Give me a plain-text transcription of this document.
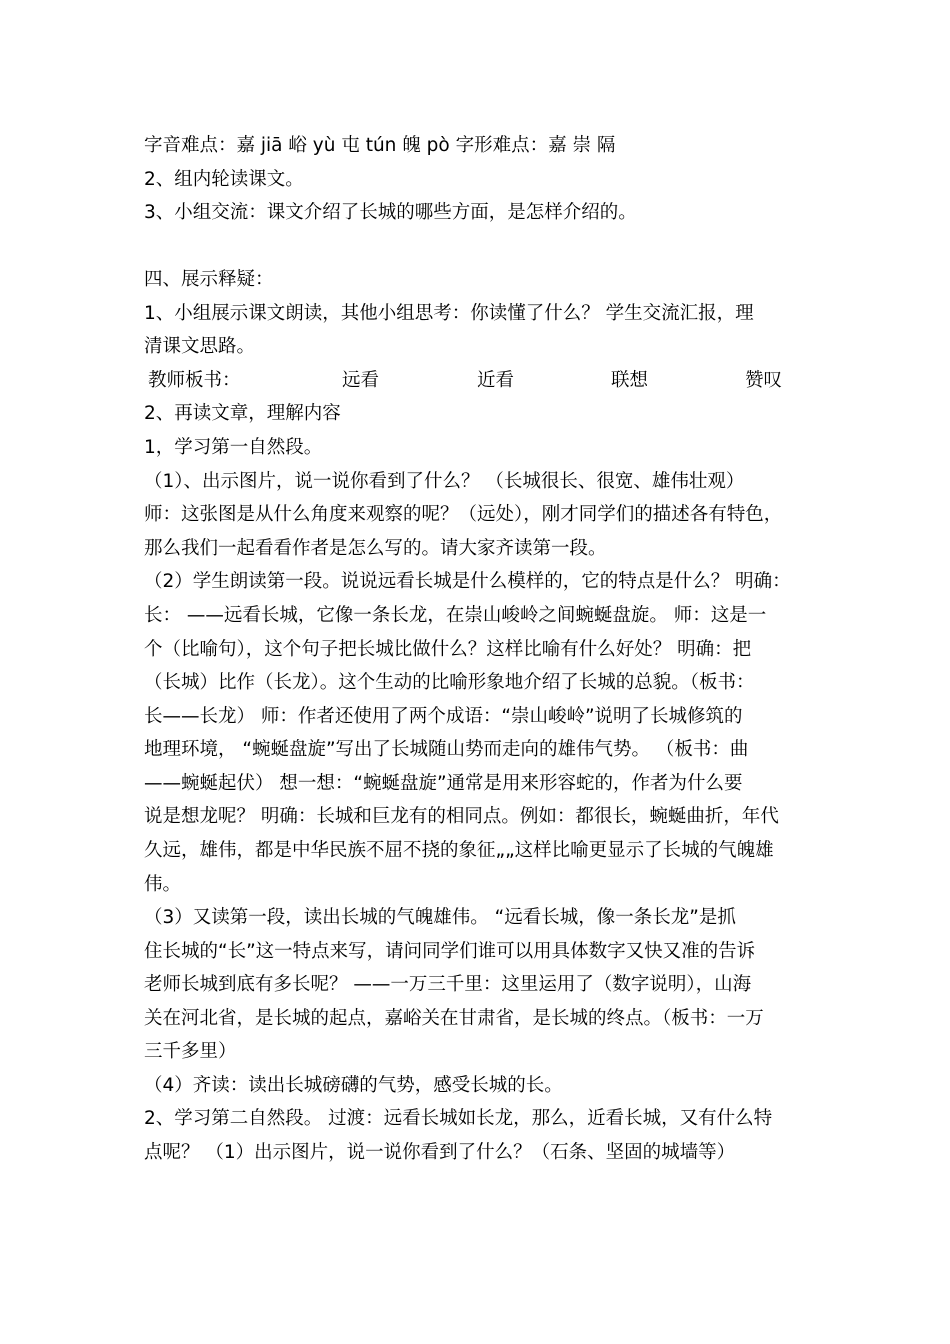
字音难点：嘉 jiā 峪 yù 屯 tún 魄 pò 字形难点：嘉 崇 隔
2、组内轮读课文。
3、小组交流：课文介绍了长城的哪些方面，是怎样介绍的。
四、展示释疑：
1、小组展示课文朗读，其他小组思考：你读懂了什么？ 学生交流汇报，理
清课文思路。
教师板书：	远看	近看	联想	赞叹
2、再读文章，理解内容
1，学习第一自然段。
（1）、出示图片，说一说你看到了什么？ （长城很长、很宽、雄伟壮观）
师：这张图是从什么角度来观察的呢？（远处），刚才同学们的描述各有特色，
那么我们一起看看作者是怎么写的。请大家齐读第一段。
（2）学生朗读第一段。说说远看长城是什么模样的，它的特点是什么？ 明确：
长： ——远看长城，它像一条长龙，在崇山峻岭之间蜿蜒盘旋。 师：这是一
个（比喻句），这个句子把长城比做什么？这样比喻有什么好处？ 明确：把
（长城）比作（长龙）。这个生动的比喻形象地介绍了长城的总貌。（板书：
长——长龙） 师：作者还使用了两个成语：“崇山峻岭”说明了长城修筑的
地理环境， “蜿蜒盘旋”写出了长城随山势而走向的雄伟气势。 （板书：曲
——蜿蜒起伏） 想一想：“蜿蜒盘旋”通常是用来形容蛇的，作者为什么要
说是想龙呢？ 明确：长城和巨龙有的相同点。例如：都很长，蜿蜒曲折，年代
久远，雄伟，都是中华民族不屈不挠的象征„„这样比喻更显示了长城的气魄雄
伟。
（3）又读第一段，读出长城的气魄雄伟。 “远看长城，像一条长龙”是抓
住长城的“长”这一特点来写，请问同学们谁可以用具体数字又快又准的告诉
老师长城到底有多长呢？ ——一万三千里：这里运用了（数字说明），山海
关在河北省，是长城的起点，嘉峪关在甘肃省，是长城的终点。（板书：一万
三千多里）
（4）齐读：读出长城磅礴的气势，感受长城的长。
2、学习第二自然段。 过渡：远看长城如长龙，那么，近看长城，又有什么特
点呢？ （1）出示图片，说一说你看到了什么？（石条、坚固的城墙等）
